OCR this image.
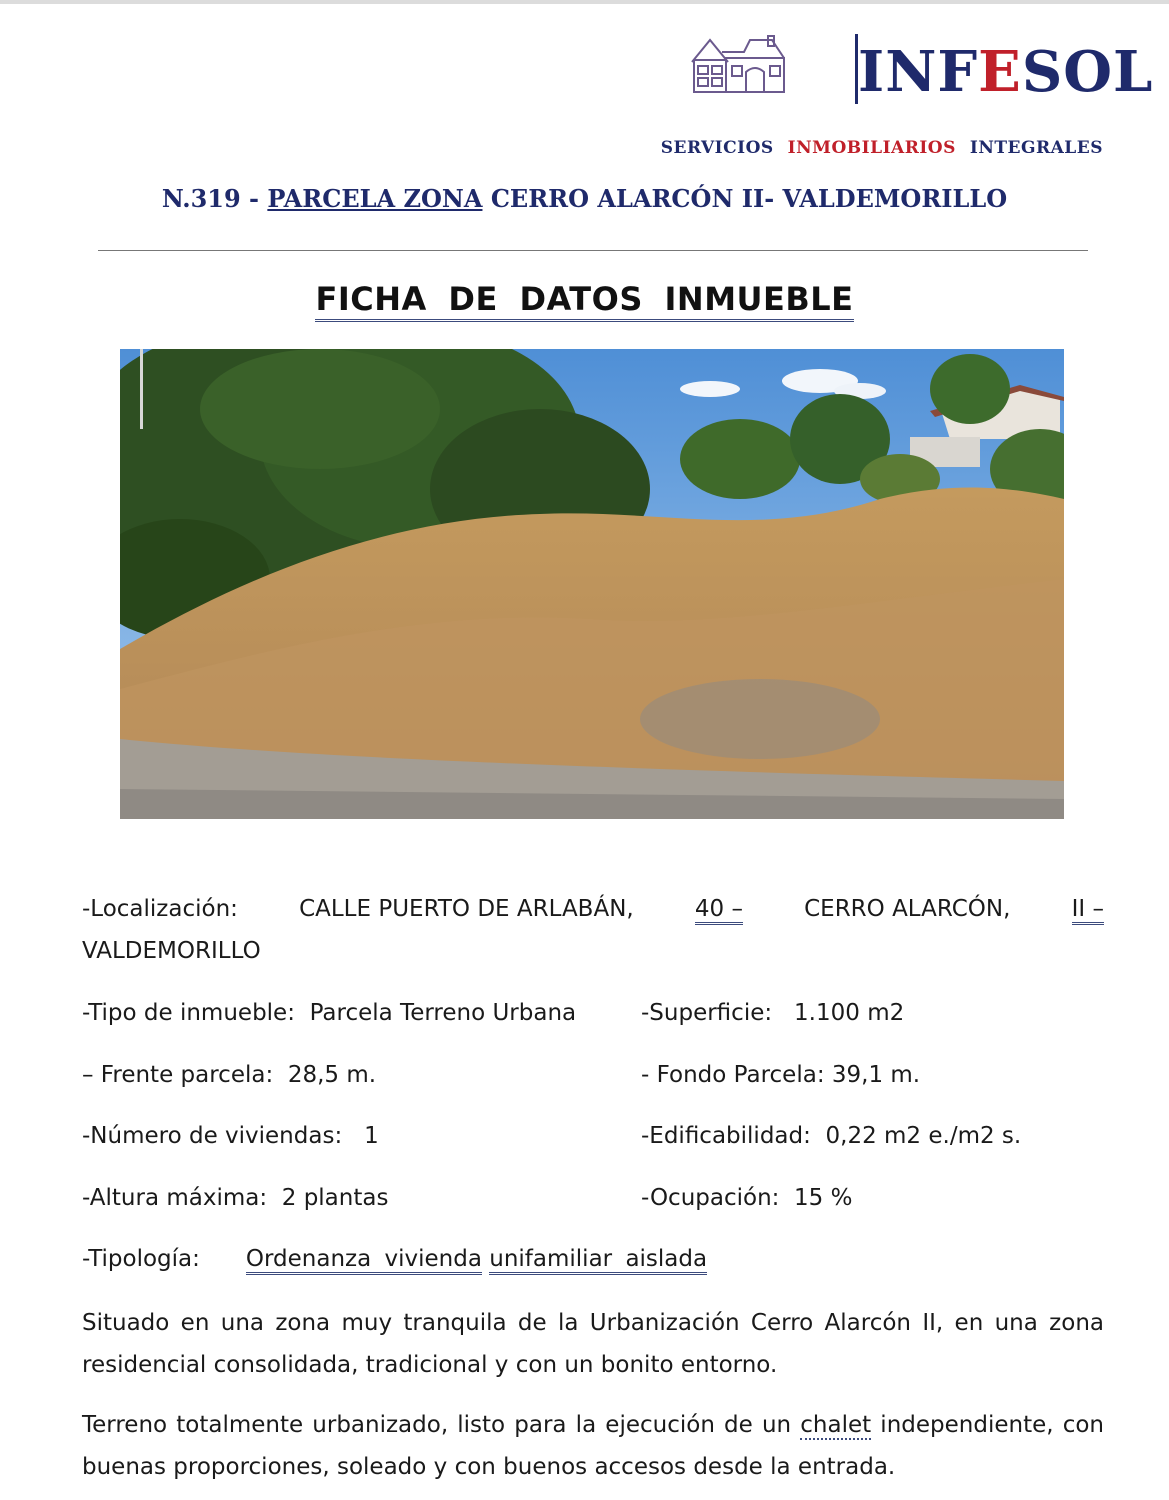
INFESOL
SERVICIOS INMOBILIARIOS INTEGRALES
N.319 - PARCELA ZONA CERRO ALARCÓN II- VALDEMORILLO
FICHA DE DATOS INMUEBLE
-Localización:	CALLE PUERTO DE ARLABÁN,	40 –	CERRO ALARCÓN,	II –
VALDEMORILLO
-Tipo de inmueble: Parcela Terreno Urbana	-Superficie: 1.100 m2
– Frente parcela: 28,5 m.	- Fondo Parcela: 39,1 m.
-Número de viviendas: 1	-Edificabilidad: 0,22 m2 e./m2 s.
-Altura máxima: 2 plantas	-Ocupación: 15 %
-Tipología: Ordenanza vivienda unifamiliar aislada
Situado en una zona muy tranquila de la Urbanización Cerro Alarcón II, en una zona residencial consolidada, tradicional y con un bonito entorno.
Terreno totalmente urbanizado, listo para la ejecución de un chalet independiente, con buenas proporciones, soleado y con buenos accesos desde la entrada.
